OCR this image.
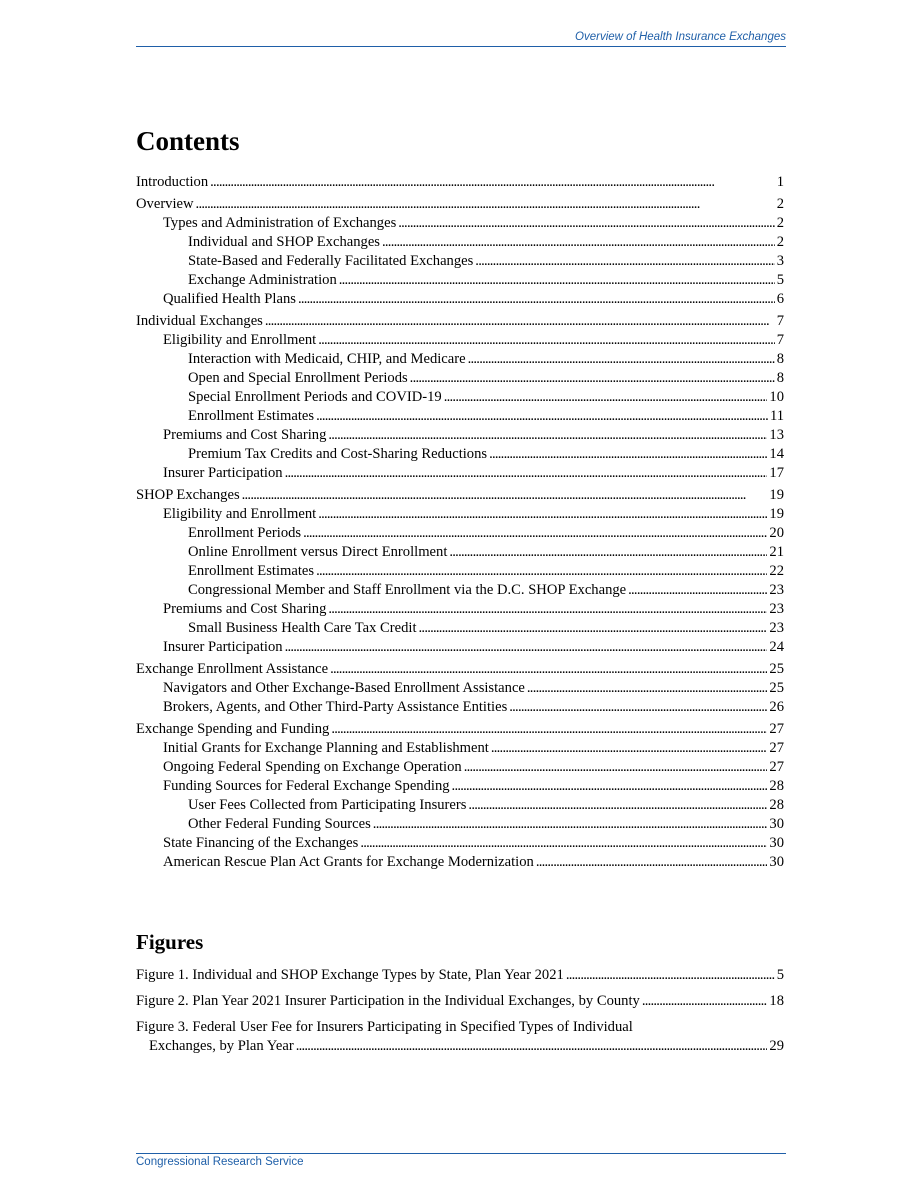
Overview of Health Insurance Exchanges
Contents
Introduction . . .	1
Overview . . .	2
Types and Administration of Exchanges . . .	2
Individual and SHOP Exchanges . . .	2
State-Based and Federally Facilitated Exchanges . . .	3
Exchange Administration . . .	5
Qualified Health Plans . . .	6
Individual Exchanges . . .	7
Eligibility and Enrollment . . .	7
Interaction with Medicaid, CHIP, and Medicare . . .	8
Open and Special Enrollment Periods . . .	8
Special Enrollment Periods and COVID-19 . . .	10
Enrollment Estimates . . .	11
Premiums and Cost Sharing . . .	13
Premium Tax Credits and Cost-Sharing Reductions . . .	14
Insurer Participation . . .	17
SHOP Exchanges . . .	19
Eligibility and Enrollment . . .	19
Enrollment Periods . . .	20
Online Enrollment versus Direct Enrollment . . .	21
Enrollment Estimates . . .	22
Congressional Member and Staff Enrollment via the D.C. SHOP Exchange . . .	23
Premiums and Cost Sharing . . .	23
Small Business Health Care Tax Credit . . .	23
Insurer Participation . . .	24
Exchange Enrollment Assistance . . .	25
Navigators and Other Exchange-Based Enrollment Assistance . . .	25
Brokers, Agents, and Other Third-Party Assistance Entities . . .	26
Exchange Spending and Funding . . .	27
Initial Grants for Exchange Planning and Establishment . . .	27
Ongoing Federal Spending on Exchange Operation . . .	27
Funding Sources for Federal Exchange Spending . . .	28
User Fees Collected from Participating Insurers . . .	28
Other Federal Funding Sources . . .	30
State Financing of the Exchanges . . .	30
American Rescue Plan Act Grants for Exchange Modernization . . .	30
Figures
Figure 1. Individual and SHOP Exchange Types by State, Plan Year 2021 . . .	5
Figure 2. Plan Year 2021 Insurer Participation in the Individual Exchanges, by County . . .	18
Figure 3. Federal User Fee for Insurers Participating in Specified Types of Individual
Exchanges, by Plan Year . . .	29
Congressional Research Service
